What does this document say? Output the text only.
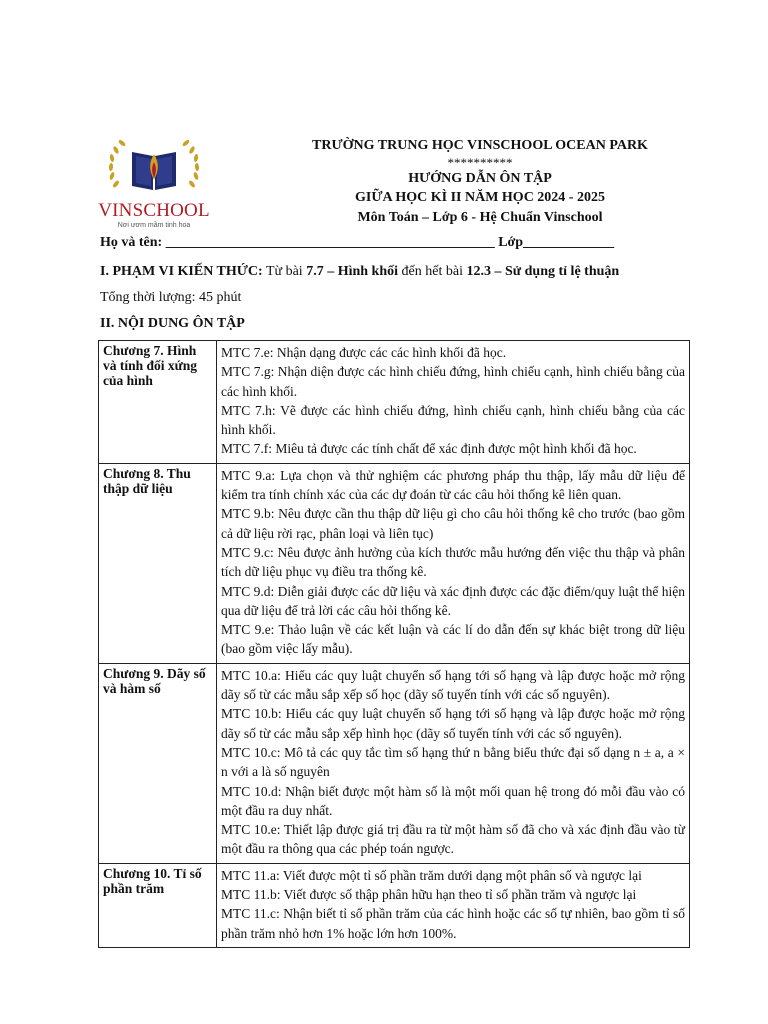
VINSCHOOL
Nơi ươm mầm tinh hoa
TRƯỜNG TRUNG HỌC VINSCHOOL OCEAN PARK
**********
HƯỚNG DẪN ÔN TẬP
GIỮA HỌC KÌ II NĂM HỌC 2024 - 2025
Môn Toán – Lớp 6 - Hệ Chuẩn Vinschool
Họ và tên: _______________________________________________ Lớp_____________
I. PHẠM VI KIẾN THỨC: Từ bài 7.7 – Hình khối đến hết bài 12.3 – Sử dụng tỉ lệ thuận
Tổng thời lượng: 45 phút
II. NỘI DUNG ÔN TẬP
Chương 7. Hình và tính đối xứng của hình	MTC 7.e: Nhận dạng được các các hình khối đã học.
MTC 7.g: Nhận diện được các hình chiếu đứng, hình chiếu cạnh, hình chiếu bằng của các hình khối.
MTC 7.h: Vẽ được các hình chiếu đứng, hình chiếu cạnh, hình chiếu bằng của các hình khối.
MTC 7.f: Miêu tả được các tính chất để xác định được một hình khối đã học.

Chương 8. Thu thập dữ liệu	MTC 9.a: Lựa chọn và thử nghiệm các phương pháp thu thập, lấy mẫu dữ liệu để kiểm tra tính chính xác của các dự đoán từ các câu hỏi thống kê liên quan.
MTC 9.b: Nêu được cần thu thập dữ liệu gì cho câu hỏi thống kê cho trước (bao gồm cả dữ liệu rời rạc, phân loại và liên tục)
MTC 9.c: Nêu được ảnh hưởng của kích thước mẫu hướng đến việc thu thập và phân tích dữ liệu phục vụ điều tra thống kê.
MTC 9.d: Diễn giải được các dữ liệu và xác định được các đặc điểm/quy luật thể hiện qua dữ liệu để trả lời các câu hỏi thống kê.
MTC 9.e: Thảo luận về các kết luận và các lí do dẫn đến sự khác biệt trong dữ liệu (bao gồm việc lấy mẫu).

Chương 9. Dãy số và hàm số	MTC 10.a: Hiểu các quy luật chuyển số hạng tới số hạng và lập được hoặc mở rộng dãy số từ các mẫu sắp xếp số học (dãy số tuyến tính với các số nguyên).
MTC 10.b: Hiểu các quy luật chuyển số hạng tới số hạng và lập được hoặc mở rộng dãy số từ các mẫu sắp xếp hình học (dãy số tuyến tính với các số nguyên).
MTC 10.c: Mô tả các quy tắc tìm số hạng thứ n bằng biểu thức đại số dạng n ± a, a × n với a là số nguyên
MTC 10.d: Nhận biết được một hàm số là một mối quan hệ trong đó mỗi đầu vào có một đầu ra duy nhất.
MTC 10.e: Thiết lập được giá trị đầu ra từ một hàm số đã cho và xác định đầu vào từ một đầu ra thông qua các phép toán ngược.

Chương 10. Tỉ số phần trăm	MTC 11.a: Viết được một tỉ số phần trăm dưới dạng một phân số và ngược lại
MTC 11.b: Viết được số thập phân hữu hạn theo tỉ số phần trăm và ngược lại
MTC 11.c: Nhận biết tỉ số phần trăm của các hình hoặc các số tự nhiên, bao gồm tỉ số phần trăm nhỏ hơn 1% hoặc lớn hơn 100%.
